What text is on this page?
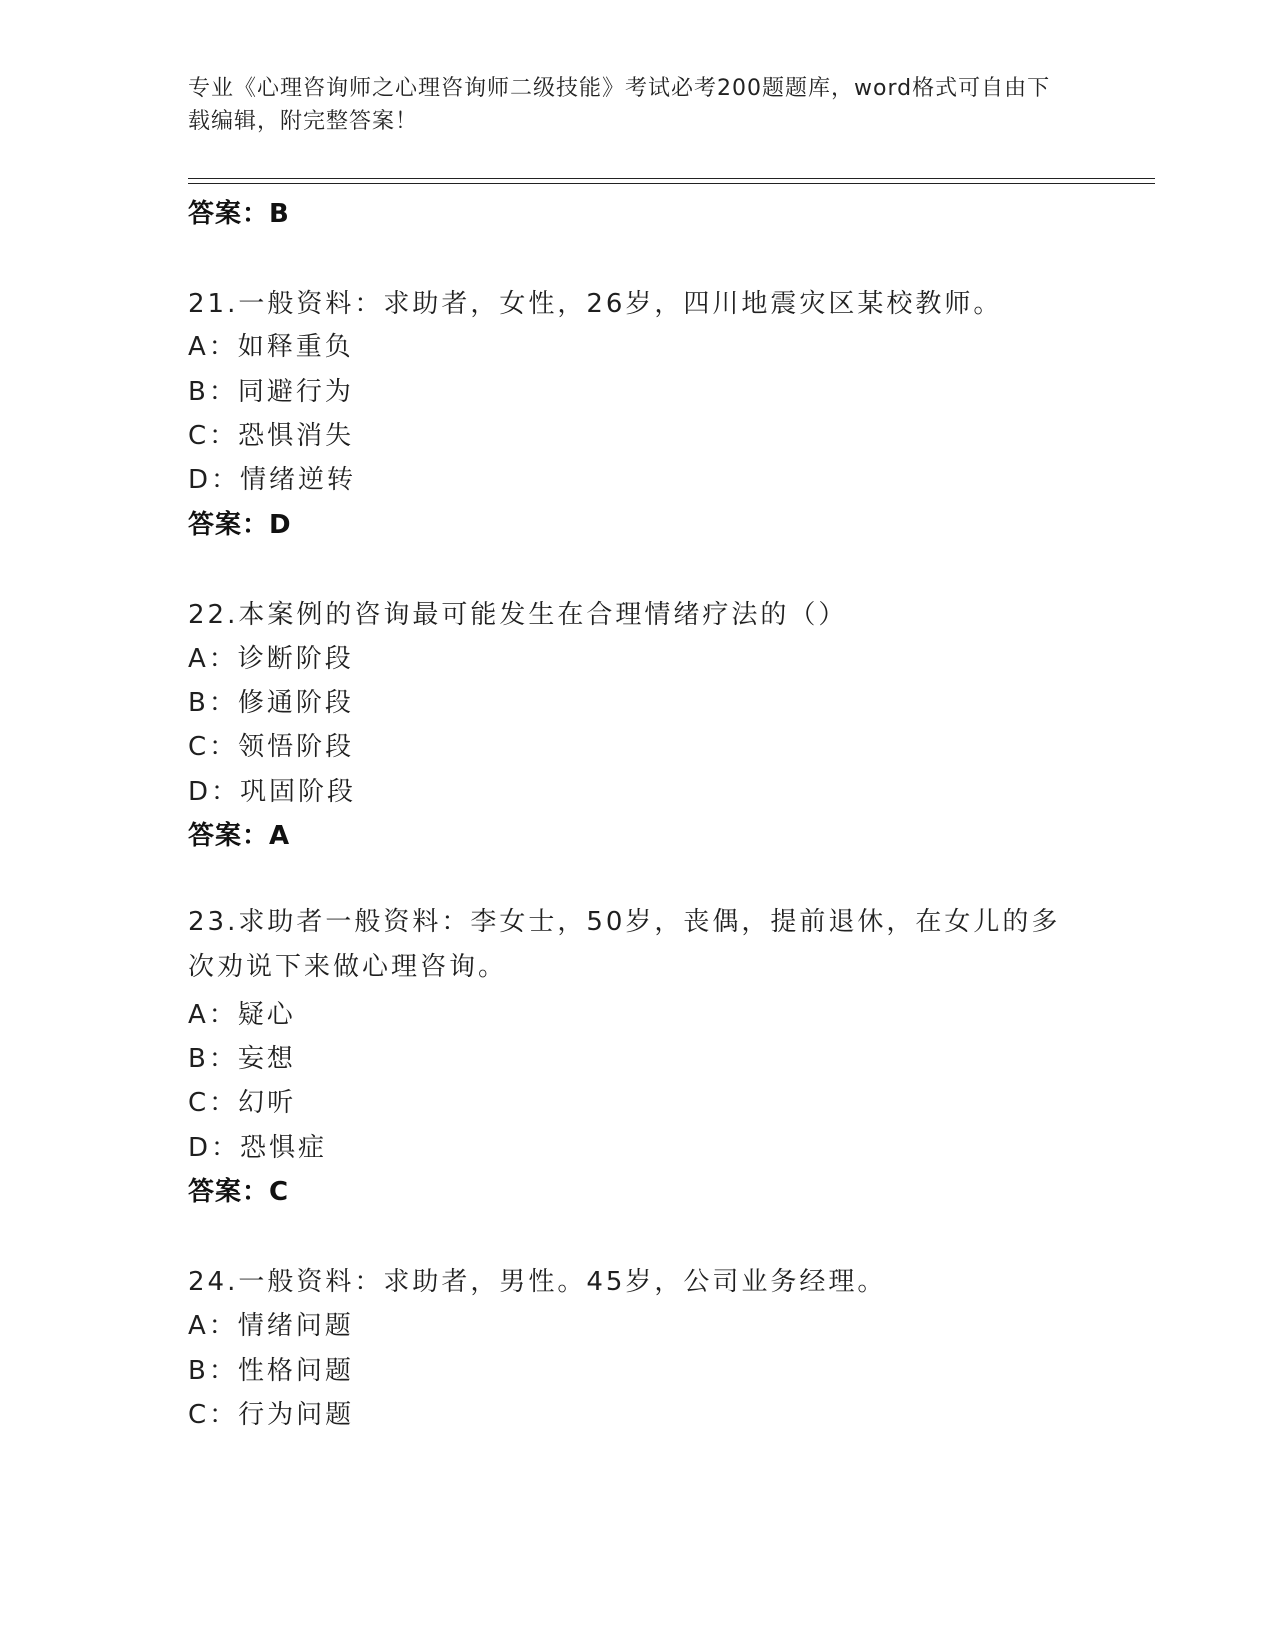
专业《心理咨询师之心理咨询师二级技能》考试必考200题题库，word格式可自由下载编辑，附完整答案！
答案：B
21.一般资料：求助者，女性，26岁，四川地震灾区某校教师。
A：如释重负
B：同避行为
C：恐惧消失
D：情绪逆转
答案：D
22.本案例的咨询最可能发生在合理情绪疗法的（）
A：诊断阶段
B：修通阶段
C：领悟阶段
D：巩固阶段
答案：A
23.求助者一般资料：李女士，50岁，丧偶，提前退休，在女儿的多次劝说下来做心理咨询。
A：疑心
B：妄想
C：幻听
D：恐惧症
答案：C
24.一般资料：求助者，男性。45岁，公司业务经理。
A：情绪问题
B：性格问题
C：行为问题
